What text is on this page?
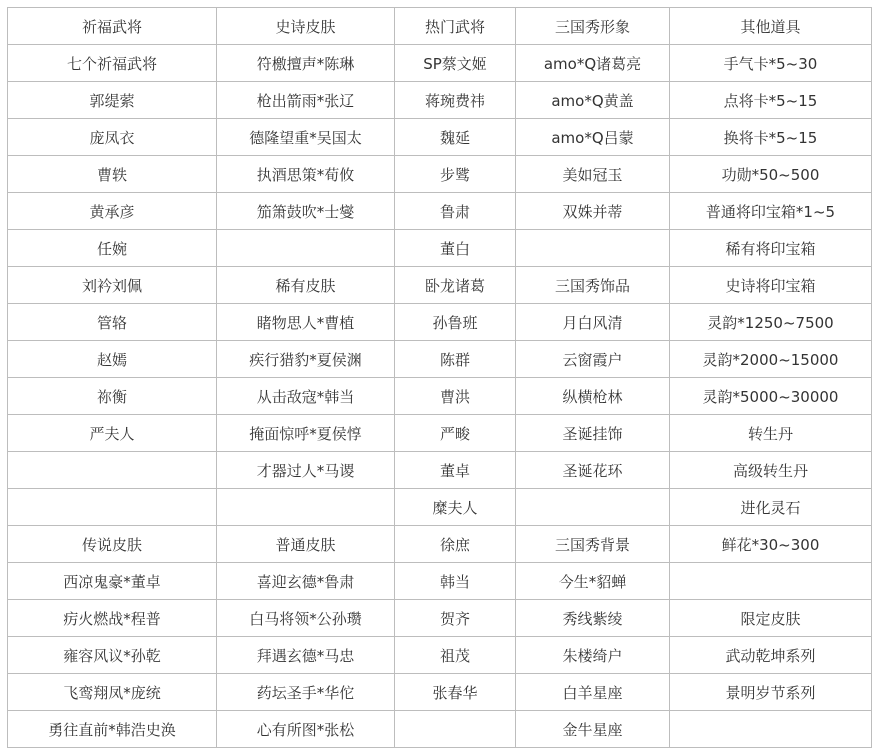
祈福武将	史诗皮肤	热门武将	三国秀形象	其他道具
七个祈福武将	符檄擅声*陈琳	SP蔡文姬	amo*Q诸葛亮	手气卡*5~30
郭缇萦	枪出箭雨*张辽	蒋琬费祎	amo*Q黄盖	点将卡*5~15
庞凤衣	德隆望重*吴国太	魏延	amo*Q吕蒙	换将卡*5~15
曹轶	执酒思策*荀攸	步骘	美如冠玉	功勋*50~500
黄承彦	笳箫鼓吹*士燮	鲁肃	双姝并蒂	普通将印宝箱*1~5
任婉		董白		稀有将印宝箱
刘衿刘佩	稀有皮肤	卧龙诸葛	三国秀饰品	史诗将印宝箱
管辂	睹物思人*曹植	孙鲁班	月白风清	灵韵*1250~7500
赵嫣	疾行猎豹*夏侯渊	陈群	云窗霞户	灵韵*2000~15000
祢衡	从击敌寇*韩当	曹洪	纵横枪林	灵韵*5000~30000
严夫人	掩面惊呼*夏侯惇	严畯	圣诞挂饰	转生丹
	才器过人*马谡	董卓	圣诞花环	高级转生丹
		糜夫人		进化灵石
传说皮肤	普通皮肤	徐庶	三国秀背景	鲜花*30~300
西凉鬼豪*董卓	喜迎玄德*鲁肃	韩当	今生*貂蝉	
疠火燃战*程普	白马将领*公孙瓒	贺齐	秀线紫绫	限定皮肤
雍容风议*孙乾	拜遇玄德*马忠	祖茂	朱楼绮户	武动乾坤系列
飞鸾翔凤*庞统	药坛圣手*华佗	张春华	白羊星座	景明岁节系列
勇往直前*韩浩史涣	心有所图*张松		金牛星座	
